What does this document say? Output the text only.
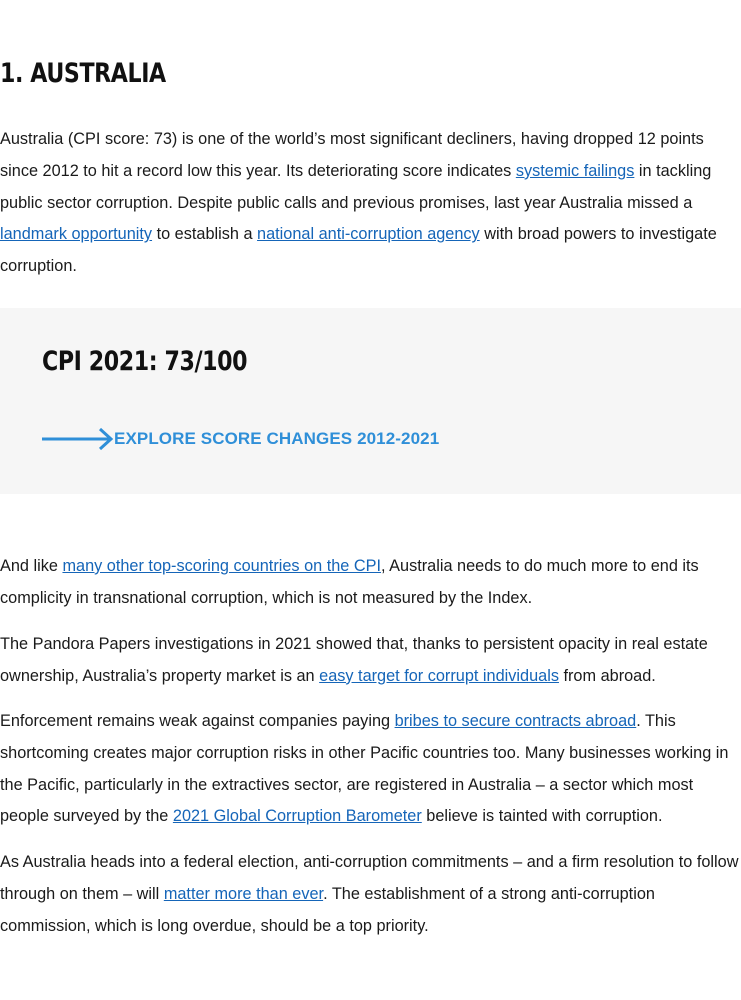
1. AUSTRALIA

Australia (CPI score: 73) is one of the world’s most significant decliners, having dropped 12 points since 2012 to hit a record low this year. Its deteriorating score indicates systemic failings in tackling public sector corruption. Despite public calls and previous promises, last year Australia missed a landmark opportunity to establish a national anti-corruption agency with broad powers to investigate corruption.

CPI 2021: 73/100
EXPLORE SCORE CHANGES 2012-2021

And like many other top-scoring countries on the CPI, Australia needs to do much more to end its complicity in transnational corruption, which is not measured by the Index.

The Pandora Papers investigations in 2021 showed that, thanks to persistent opacity in real estate ownership, Australia’s property market is an easy target for corrupt individuals from abroad.

Enforcement remains weak against companies paying bribes to secure contracts abroad. This shortcoming creates major corruption risks in other Pacific countries too. Many businesses working in the Pacific, particularly in the extractives sector, are registered in Australia – a sector which most people surveyed by the 2021 Global Corruption Barometer believe is tainted with corruption.

As Australia heads into a federal election, anti-corruption commitments – and a firm resolution to follow through on them – will matter more than ever. The establishment of a strong anti-corruption commission, which is long overdue, should be a top priority.
